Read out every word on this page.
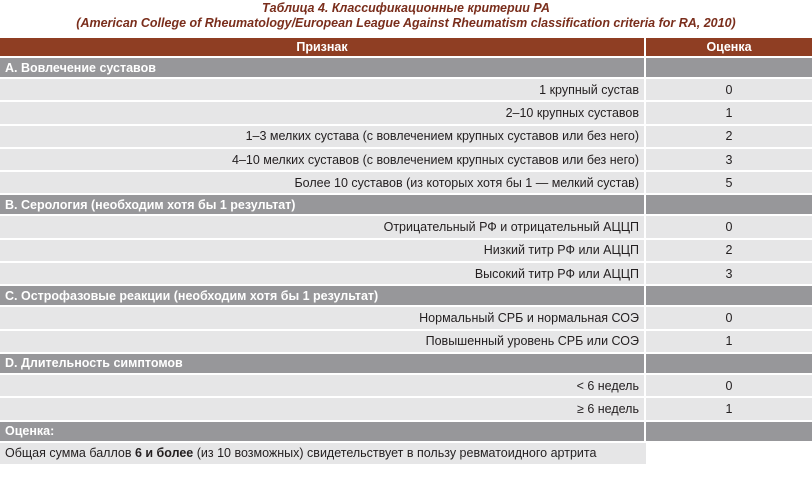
Таблица 4. Классификационные критерии РА
(American College of Rheumatology/European League Against Rheumatism classification criteria for RA, 2010)
Признак	Оценка
А. Вовлечение суставов	
1 крупный сустав	0
2–10 крупных суставов	1
1–3 мелких сустава (с вовлечением крупных суставов или без него)	2
4–10 мелких суставов (с вовлечением крупных суставов или без него)	3
Более 10 суставов (из которых хотя бы 1 — мелкий сустав)	5
B. Серология (необходим хотя бы 1 результат)	
Отрицательный РФ и отрицательный АЦЦП	0
Низкий титр РФ или АЦЦП	2
Высокий титр РФ или АЦЦП	3
C. Острофазовые реакции (необходим хотя бы 1 результат)	
Нормальный СРБ и нормальная СОЭ	0
Повышенный уровень СРБ или СОЭ	1
D. Длительность симптомов	
< 6 недель	0
≥ 6 недель	1
Оценка:	
Общая сумма баллов 6 и более (из 10 возможных) свидетельствует в пользу ревматоидного артрита	
